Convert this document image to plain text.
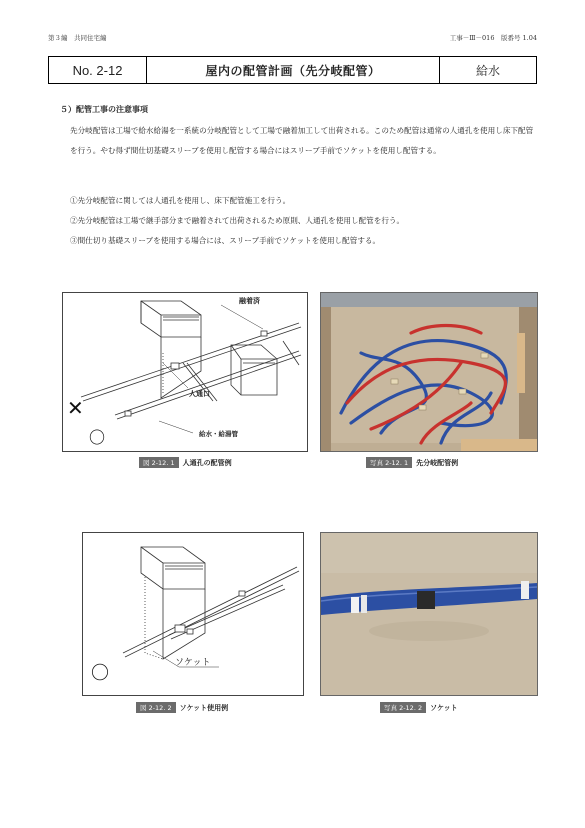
第３編　共同住宅編	工事－Ⅲ－016　版番号 1.04
No. 2-12	屋内の配管計画（先分岐配管）	給水
５）配管工事の注意事項
先分岐配管は工場で給水給湯を一系統の分岐配管として工場で融着加工して出荷される。このため配管は通常の人通孔を使用し床下配管を行う。やむ得ず間仕切基礎スリーブを使用し配管する場合にはスリーブ手前でソケットを使用し配管する。
①先分岐配管に関しては人通孔を使用し、床下配管施工を行う。
②先分岐配管は工場で継手部分まで融着されて出荷されるため原則、人通孔を使用し配管を行う。
③間仕切り基礎スリーブを使用する場合には、スリーブ手前でソケットを使用し配管する。
融着済
人通口
給水・給湯管
✕
〇
図 2-12. 1	人通孔の配管例	写真 2-12. 1	先分岐配管例
ソケット
〇
図 2-12. 2	ソケット使用例	写真 2-12. 2	ソケット
